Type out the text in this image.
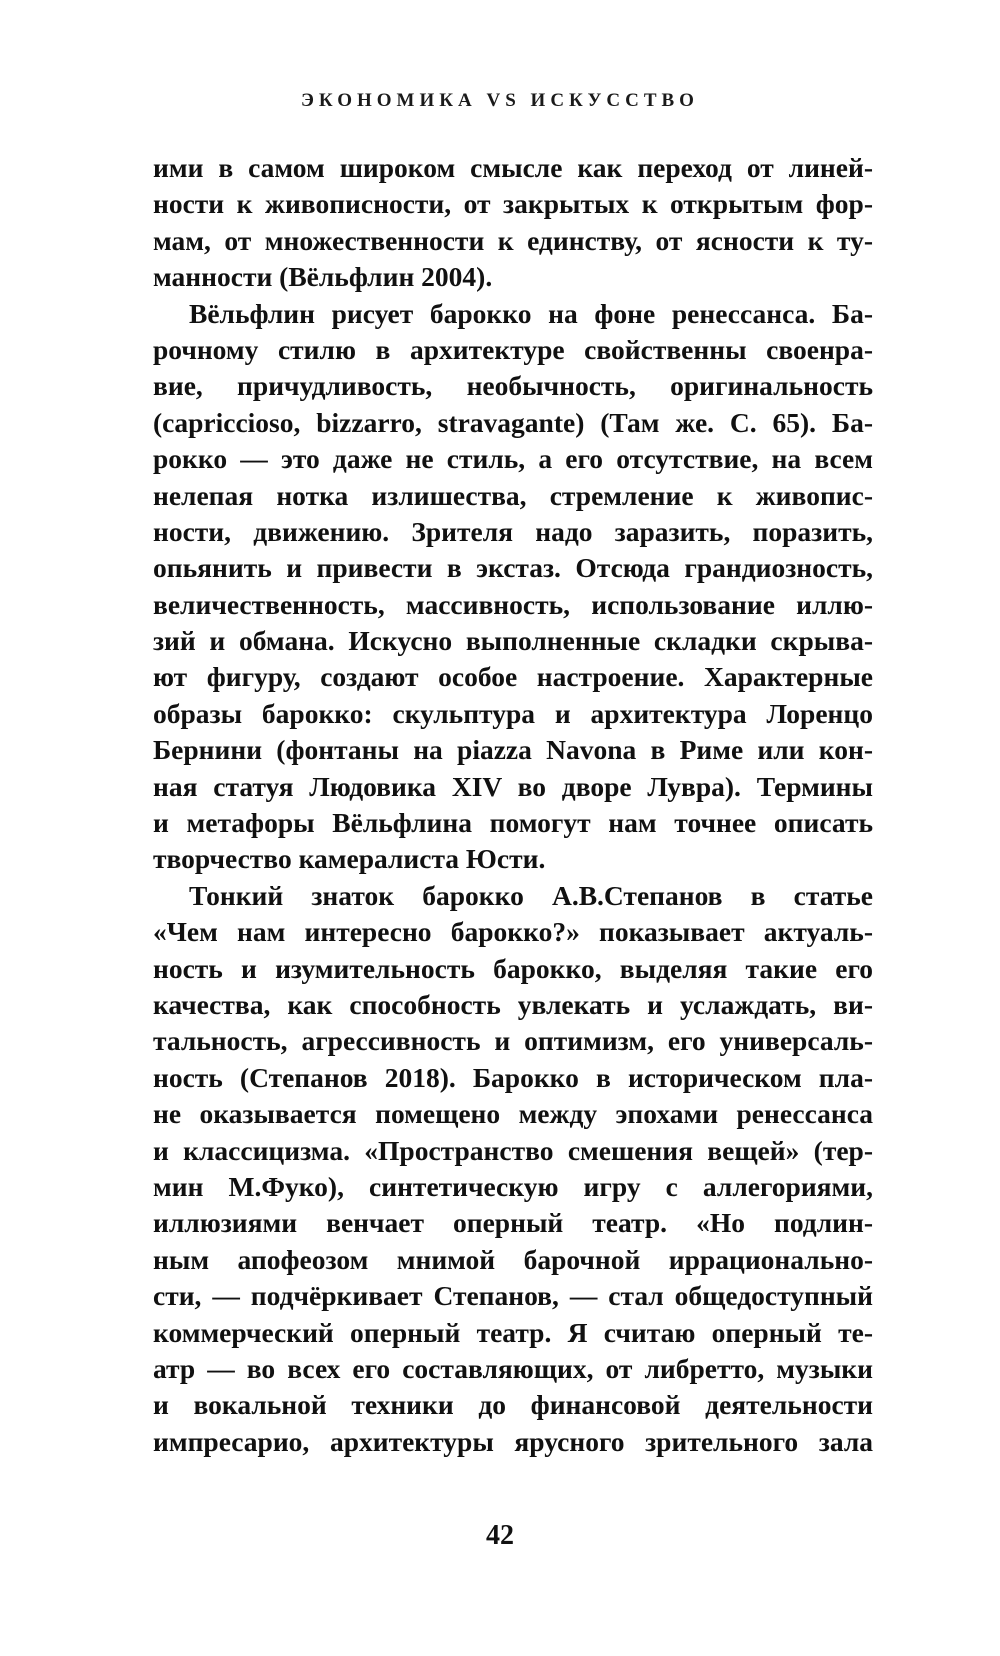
ЭКОНОМИКА VS ИСКУССТВО
ими в самом широком смысле как переход от линей-
ности к живописности, от закрытых к открытым фор-
мам, от множественности к единству, от ясности к ту-
манности (Вёльфлин 2004).
Вёльфлин рисует барокко на фоне ренессанса. Ба-
рочному стилю в архитектуре свойственны своенра-
вие, причудливость, необычность, оригинальность
(capriccioso, bizzarro, stravagante) (Там же. С. 65). Ба-
рокко — это даже не стиль, а его отсутствие, на всем
нелепая нотка излишества, стремление к живопис-
ности, движению. Зрителя надо заразить, поразить,
опьянить и привести в экстаз. Отсюда грандиозность,
величественность, массивность, использование иллю-
зий и обмана. Искусно выполненные складки скрыва-
ют фигуру, создают особое настроение. Характерные
образы барокко: скульптура и архитектура Лоренцо
Бернини (фонтаны на piazza Navona в Риме или кон-
ная статуя Людовика XIV во дворе Лувра). Термины
и метафоры Вёльфлина помогут нам точнее описать
творчество камералиста Юсти.
Тонкий знаток барокко А.В.Степанов в статье
«Чем нам интересно барокко?» показывает актуаль-
ность и изумительность барокко, выделяя такие его
качества, как способность увлекать и услаждать, ви-
тальность, агрессивность и оптимизм, его универсаль-
ность (Степанов 2018). Барокко в историческом пла-
не оказывается помещено между эпохами ренессанса
и классицизма. «Пространство смешения вещей» (тер-
мин М.Фуко), синтетическую игру с аллегориями,
иллюзиями венчает оперный театр. «Но подлин-
ным апофеозом мнимой барочной иррационально-
сти, — подчёркивает Степанов, — стал общедоступный
коммерческий оперный театр. Я считаю оперный те-
атр — во всех его составляющих, от либретто, музыки
и вокальной техники до финансовой деятельности
импресарио, архитектуры ярусного зрительного зала
42
